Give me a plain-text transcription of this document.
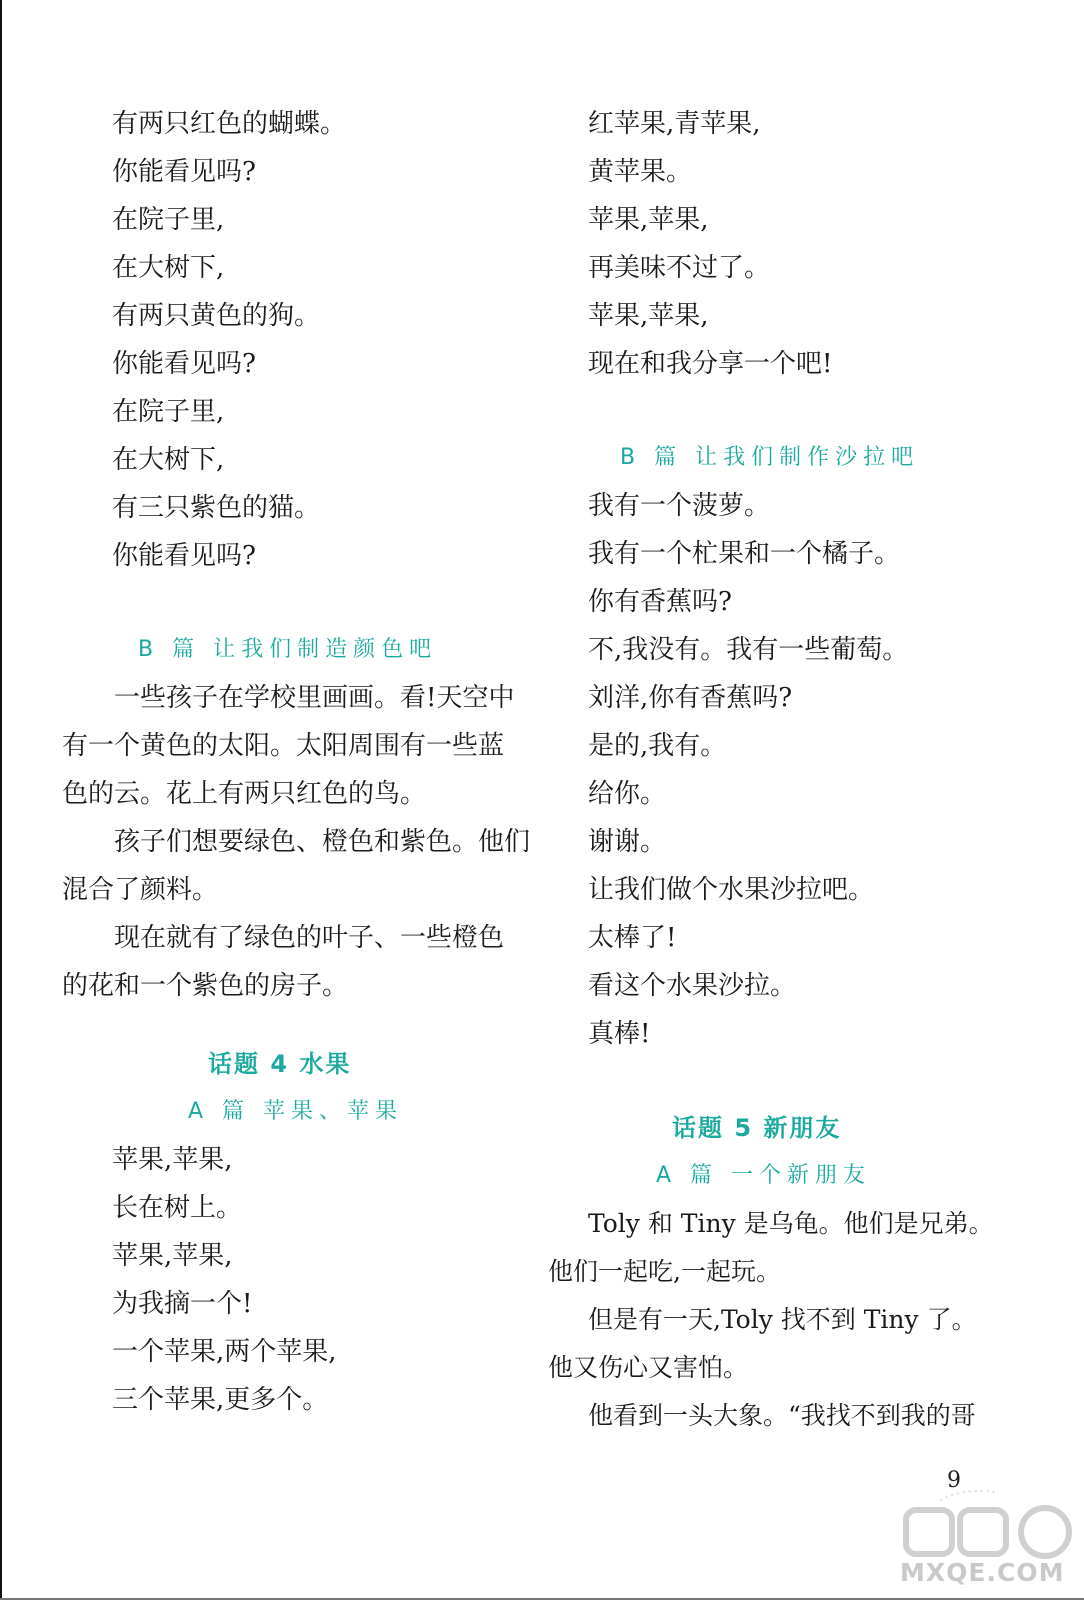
有两只红色的蝴蝶。
你能看见吗?
在院子里,
在大树下,
有两只黄色的狗。
你能看见吗?
在院子里,
在大树下,
有三只紫色的猫。
你能看见吗?
B 篇 让我们制造颜色吧
一些孩子在学校里画画。看!天空中
有一个黄色的太阳。太阳周围有一些蓝
色的云。花上有两只红色的鸟。
孩子们想要绿色、橙色和紫色。他们
混合了颜料。
现在就有了绿色的叶子、一些橙色
的花和一个紫色的房子。
话题 4 水果
A 篇 苹果、苹果
苹果,苹果,
长在树上。
苹果,苹果,
为我摘一个!
一个苹果,两个苹果,
三个苹果,更多个。
红苹果,青苹果,
黄苹果。
苹果,苹果,
再美味不过了。
苹果,苹果,
现在和我分享一个吧!
B 篇 让我们制作沙拉吧
我有一个菠萝。
我有一个杧果和一个橘子。
你有香蕉吗?
不,我没有。我有一些葡萄。
刘洋,你有香蕉吗?
是的,我有。
给你。
谢谢。
让我们做个水果沙拉吧。
太棒了!
看这个水果沙拉。
真棒!
话题 5 新朋友
A 篇 一个新朋友
Toly 和 Tiny 是乌龟。他们是兄弟。
他们一起吃,一起玩。
但是有一天,Toly 找不到 Tiny 了。
他又伤心又害怕。
他看到一头大象。“我找不到我的哥
MXQE.COM
9
